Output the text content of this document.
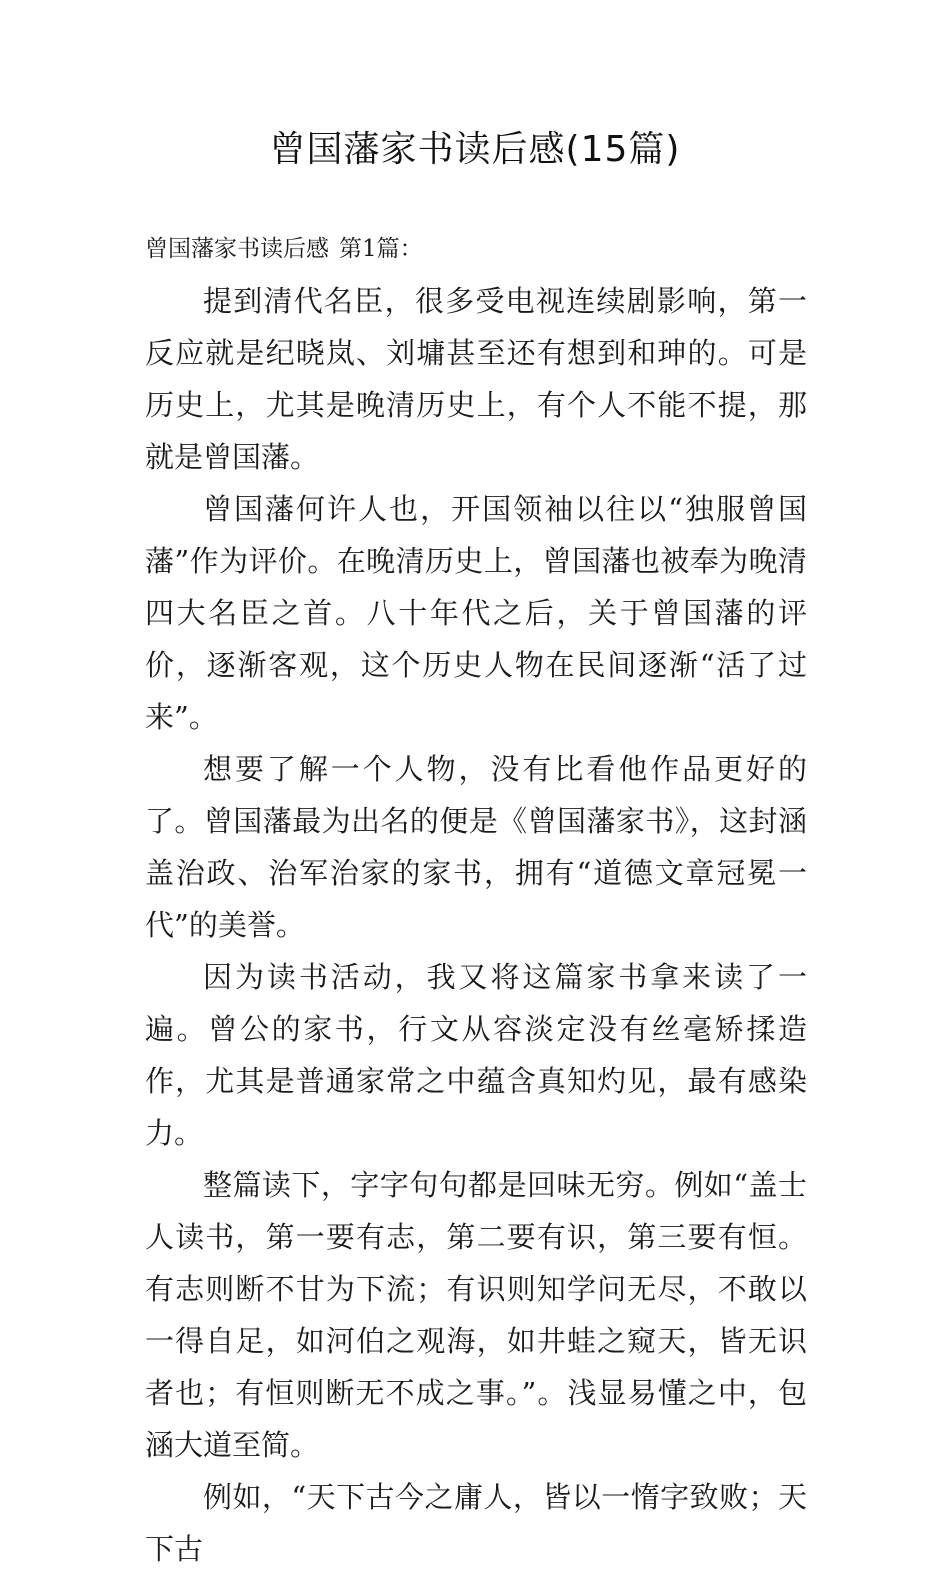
曾国藩家书读后感(15篇)

曾国藩家书读后感 第1篇：

提到清代名臣，很多受电视连续剧影响，第一反应就是纪晓岚、刘墉甚至还有想到和珅的。可是历史上，尤其是晚清历史上，有个人不能不提，那就是曾国藩。

曾国藩何许人也，开国领袖以往以“独服曾国藩”作为评价。在晚清历史上，曾国藩也被奉为晚清四大名臣之首。八十年代之后，关于曾国藩的评价，逐渐客观，这个历史人物在民间逐渐“活了过来”。

想要了解一个人物，没有比看他作品更好的了。曾国藩最为出名的便是《曾国藩家书》，这封涵盖治政、治军治家的家书，拥有“道德文章冠冕一代”的美誉。

因为读书活动，我又将这篇家书拿来读了一遍。曾公的家书，行文从容淡定没有丝毫矫揉造作，尤其是普通家常之中蕴含真知灼见，最有感染力。

整篇读下，字字句句都是回味无穷。例如“盖士人读书，第一要有志，第二要有识，第三要有恒。有志则断不甘为下流；有识则知学问无尽，不敢以一得自足，如河伯之观海，如井蛙之窥天，皆无识者也；有恒则断无不成之事。”。浅显易懂之中，包涵大道至简。

例如，“天下古今之庸人，皆以一惰字致败；天下古
